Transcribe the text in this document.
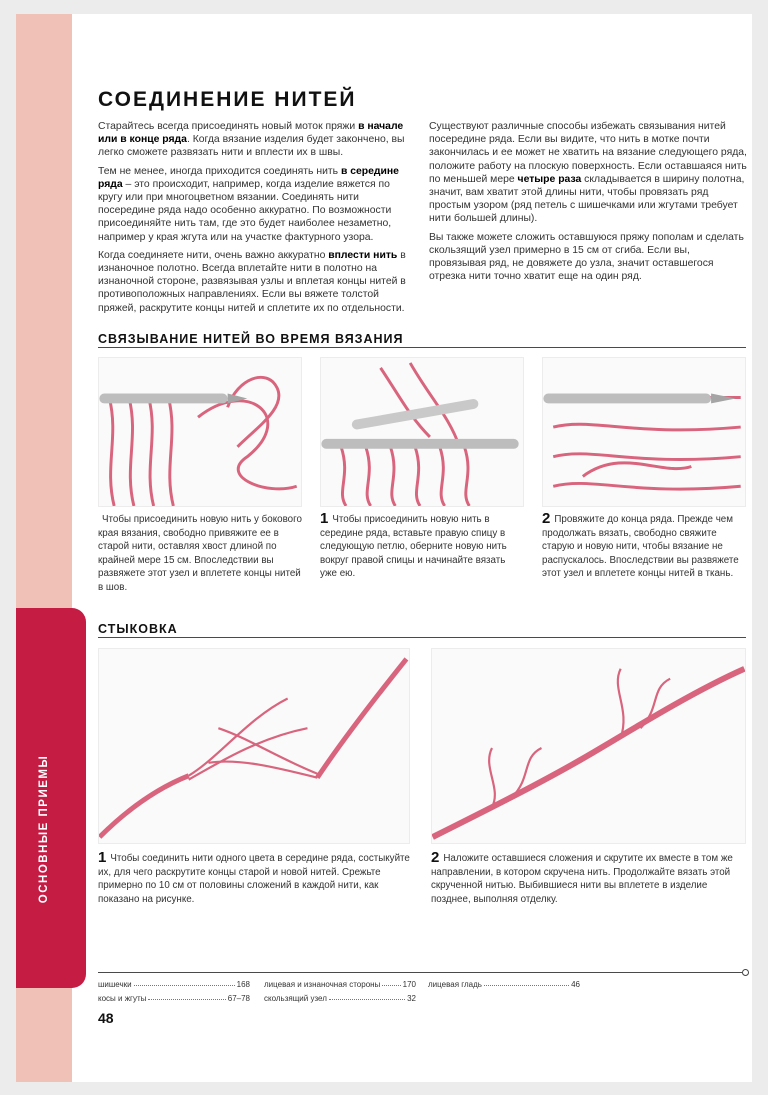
ОСНОВНЫЕ ПРИЕМЫ
СОЕДИНЕНИЕ НИТЕЙ

Старайтесь всегда присоединять новый моток пряжи в начале или в конце ряда. Когда вязание изделия будет закончено, вы легко сможете развязать нити и вплести их в швы.

Тем не менее, иногда приходится соединять нить в середине ряда – это происходит, например, когда изделие вяжется по кругу или при многоцветном вязании. Соединять нити посередине ряда надо особенно аккуратно. По возможности присоединяйте нить там, где это будет наиболее незаметно, например у края жгута или на участке фактурного узора.

Когда соединяете нити, очень важно аккуратно вплести нить в изнаночное полотно. Всегда вплетайте нити в полотно на изнаночной стороне, развязывая узлы и вплетая концы нитей в противоположных направлениях. Если вы вяжете толстой пряжей, раскрутите концы нитей и сплетите их по отдельности.

Существуют различные способы избежать связывания нитей посередине ряда. Если вы видите, что нить в мотке почти закончилась и ее может не хватить на вязание следующего ряда, положите работу на плоскую поверхность. Если оставшаяся нить по меньшей мере четыре раза складывается в ширину полотна, значит, вам хватит этой длины нити, чтобы провязать ряд простым узором (ряд петель с шишечками или жгутами требует нити большей длины).

Вы также можете сложить оставшуюся пряжу пополам и сделать скользящий узел примерно в 15 см от сгиба. Если вы, провязывая ряд, не довяжете до узла, значит оставшегося отрезка нити точно хватит еще на один ряд.

СВЯЗЫВАНИЕ НИТЕЙ ВО ВРЕМЯ ВЯЗАНИЯ
Чтобы присоединить новую нить у бокового края вязания, свободно привяжите ее в старой нити, оставляя хвост длиной по крайней мере 15 см. Впоследствии вы развяжете этот узел и вплетете концы нитей в шов.
1 Чтобы присоединить новую нить в середине ряда, вставьте правую спицу в следующую петлю, оберните новую нить вокруг правой спицы и начинайте вязать уже ею.
2 Провяжите до конца ряда. Прежде чем продолжать вязать, свободно свяжите старую и новую нити, чтобы вязание не распускалось. Впоследствии вы развяжете этот узел и вплетете концы нитей в ткань.
СТЫКОВКА
1 Чтобы соединить нити одного цвета в середине ряда, состыкуйте их, для чего раскрутите концы старой и новой нитей. Срежьте примерно по 10 см от половины сложений в каждой нити, как показано на рисунке.
2 Наложите оставшиеся сложения и скрутите их вместе в том же направлении, в котором скручена нить. Продолжайте вязать этой скрученной нитью. Выбившиеся нити вы вплетете в изделие позднее, выполняя отделку.
шишечки	168
косы и жгуты	67–78
лицевая и изнаночная стороны	170
скользящий узел	32
лицевая гладь	46
48
